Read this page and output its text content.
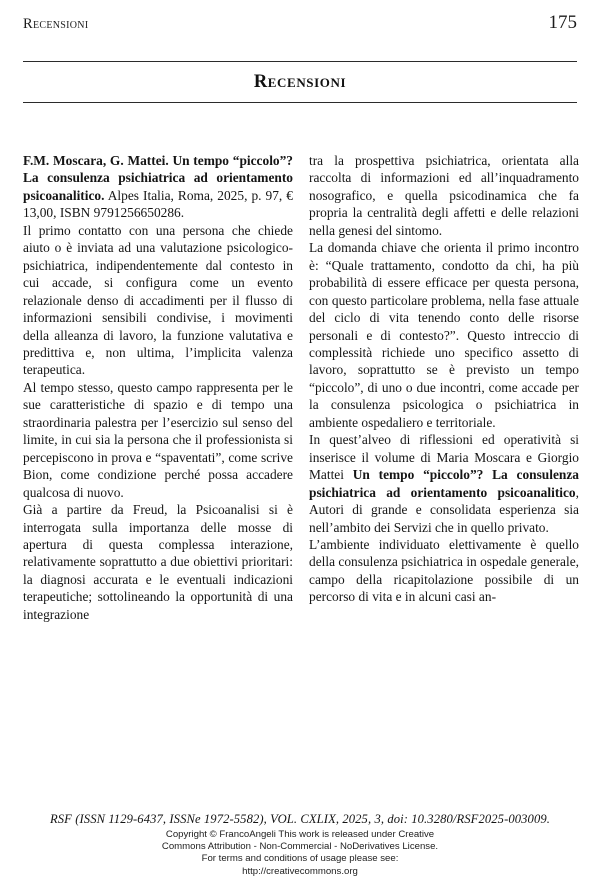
Recensioni	175
Recensioni

F.M. Moscara, G. Mattei. Un tempo “piccolo”? La consulenza psichiatrica ad orientamento psicoanalitico. Alpes Italia, Roma, 2025, p. 97, € 13,00, ISBN 9791256650286.

Il primo contatto con una persona che chiede aiuto o è inviata ad una valutazione psicologico-psichiatrica, indipendentemente dal contesto in cui accade, si configura come un evento relazionale denso di accadimenti per il flusso di informazioni sensibili condivise, i movimenti della alleanza di lavoro, la funzione valutativa e predittiva e, non ultima, l’implicita valenza terapeutica.

Al tempo stesso, questo campo rappresenta per le sue caratteristiche di spazio e di tempo una straordinaria palestra per l’esercizio sul senso del limite, in cui sia la persona che il professionista si percepiscono in prova e “spaventati”, come scrive Bion, come condizione perché possa accadere qualcosa di nuovo.

Già a partire da Freud, la Psicoanalisi si è interrogata sulla importanza delle mosse di apertura di questa complessa interazione, relativamente soprattutto a due obiettivi prioritari: la diagnosi accurata e le eventuali indicazioni terapeutiche; sottolineando la opportunità di una integrazione

tra la prospettiva psichiatrica, orientata alla raccolta di informazioni ed all’inquadramento nosografico, e quella psicodinamica che fa propria la centralità degli affetti e delle relazioni nella genesi del sintomo.

La domanda chiave che orienta il primo incontro è: “Quale trattamento, condotto da chi, ha più probabilità di essere efficace per questa persona, con questo particolare problema, nella fase attuale del ciclo di vita tenendo conto delle risorse personali e di contesto?”. Questo intreccio di complessità richiede uno specifico assetto di lavoro, soprattutto se è previsto un tempo “piccolo”, di uno o due incontri, come accade per la consulenza psicologica o psichiatrica in ambiente ospedaliero e territoriale.

In quest’alveo di riflessioni ed operatività si inserisce il volume di Maria Moscara e Giorgio Mattei Un tempo “piccolo”? La consulenza psichiatrica ad orientamento psicoanalitico, Autori di grande e consolidata esperienza sia nell’ambito dei Servizi che in quello privato.

L’ambiente individuato elettivamente è quello della consulenza psichiatrica in ospedale generale, campo della ricapitolazione possibile di un percorso di vita e in alcuni casi an-

RSF (ISSN 1129-6437, ISSNe 1972-5582), VOL. CXLIX, 2025, 3, doi: 10.3280/RSF2025-003009.
Copyright © FrancoAngeli This work is released under Creative
Commons Attribution - Non-Commercial - NoDerivatives License.
For terms and conditions of usage please see:
http://creativecommons.org
